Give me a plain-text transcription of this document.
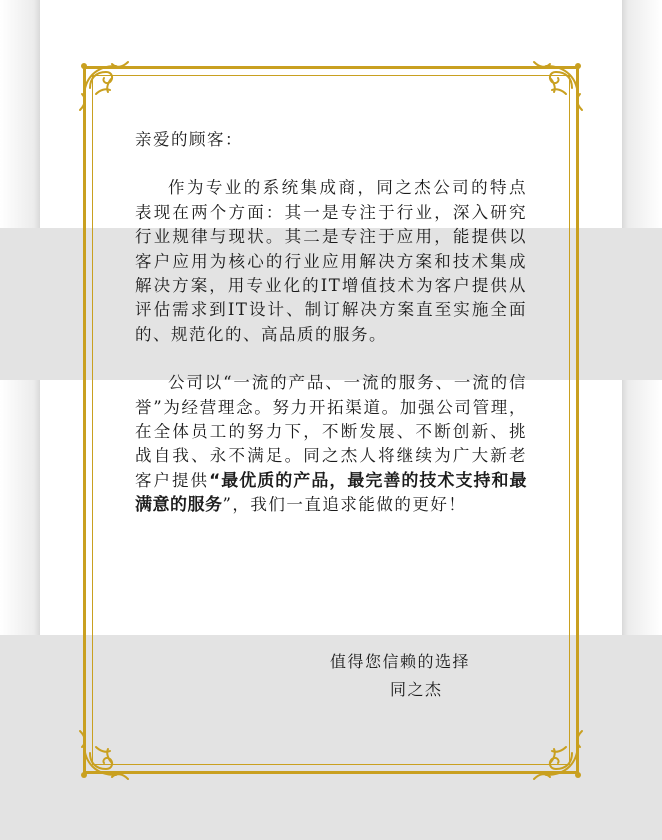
亲爱的顾客：

作为专业的系统集成商，同之杰公司的特点表现在两个方面：其一是专注于行业，深入研究行业规律与现状。其二是专注于应用，能提供以客户应用为核心的行业应用解决方案和技术集成解决方案，用专业化的IT增值技术为客户提供从评估需求到IT设计、制订解决方案直至实施全面的、规范化的、高品质的服务。

公司以“一流的产品、一流的服务、一流的信誉”为经营理念。努力开拓渠道。加强公司管理，在全体员工的努力下，不断发展、不断创新、挑战自我、永不满足。同之杰人将继续为广大新老客户提供“最优质的产品，最完善的技术支持和最满意的服务”，我们一直追求能做的更好！

值得您信赖的选择
同之杰
